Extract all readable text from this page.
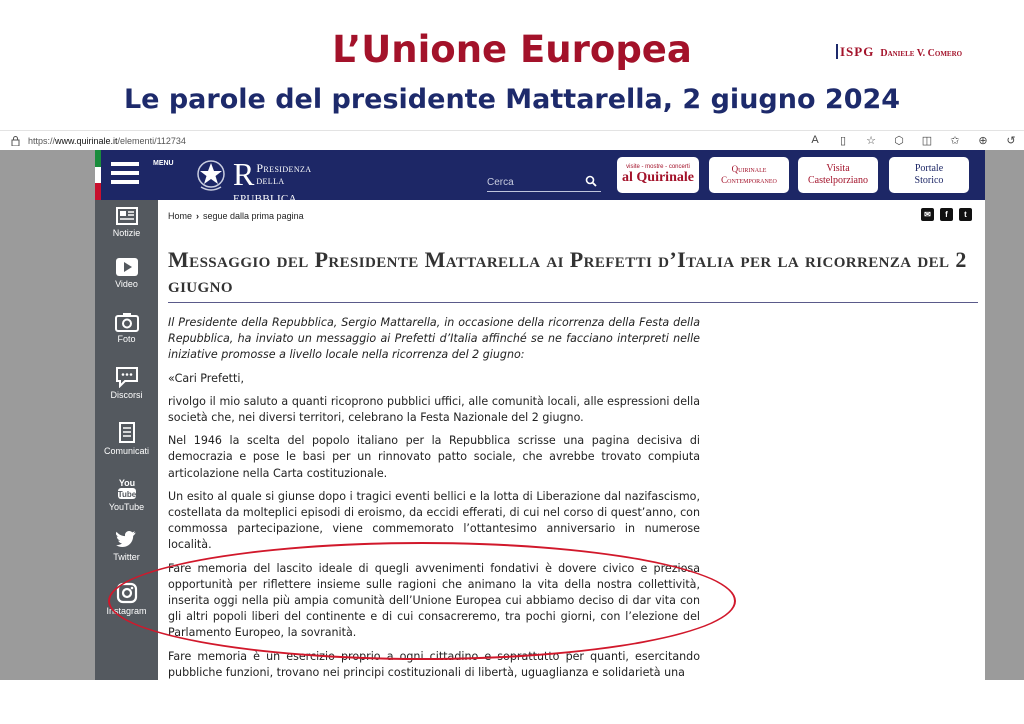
L’Unione Europea	ISPG Daniele V. Comero
Le parole del presidente Mattarella, 2 giugno 2024
https://www.quirinale.it/elementi/112734	A	▯	☆ ⬡ ◫ ✩ ⊕ ↺
MENU R Presidenza della
epubblica
Cerca
visite - mostre - concerti
al Quirinale
Quirinale
Contemporaneo
Visita
Castelporziano
Portale
Storico
Notizie
Video
Foto
Discorsi
Comunicati
You
Tube
YouTube
Twitter
Instagram
Home › segue dalla prima pagina	✉	f	t
Messaggio del Presidente Mattarella ai Prefetti d’Italia per la ricorrenza del 2 giugno

Il Presidente della Repubblica, Sergio Mattarella, in occasione della ricorrenza della Festa della Repubblica, ha inviato un messaggio ai Prefetti d’Italia affinché se ne facciano interpreti nelle iniziative promosse a livello locale nella ricorrenza del 2 giugno:

«Cari Prefetti,

rivolgo il mio saluto a quanti ricoprono pubblici uffici, alle comunità locali, alle espressioni della società che, nei diversi territori, celebrano la Festa Nazionale del 2 giugno.

Nel 1946 la scelta del popolo italiano per la Repubblica scrisse una pagina decisiva di democrazia e pose le basi per un rinnovato patto sociale, che avrebbe trovato compiuta articolazione nella Carta costituzionale.

Un esito al quale si giunse dopo i tragici eventi bellici e la lotta di Liberazione dal nazifascismo, costellata da molteplici episodi di eroismo, da eccidi efferati, di cui nel corso di quest’anno, con commossa partecipazione, viene commemorato l’ottantesimo anniversario in numerose località.

Fare memoria del lascito ideale di quegli avvenimenti fondativi è dovere civico e preziosa opportunità per riflettere insieme sulle ragioni che animano la vita della nostra collettività, inserita oggi nella più ampia comunità dell’Unione Europea cui abbiamo deciso di dar vita con gli altri popoli liberi del continente e di cui consacreremo, tra pochi giorni, con l’elezione del Parlamento Europeo, la sovranità.

Fare memoria è un esercizio proprio a ogni cittadino e soprattutto per quanti, esercitando pubbliche funzioni, trovano nei principi costituzionali di libertà, uguaglianza e solidarietà una
